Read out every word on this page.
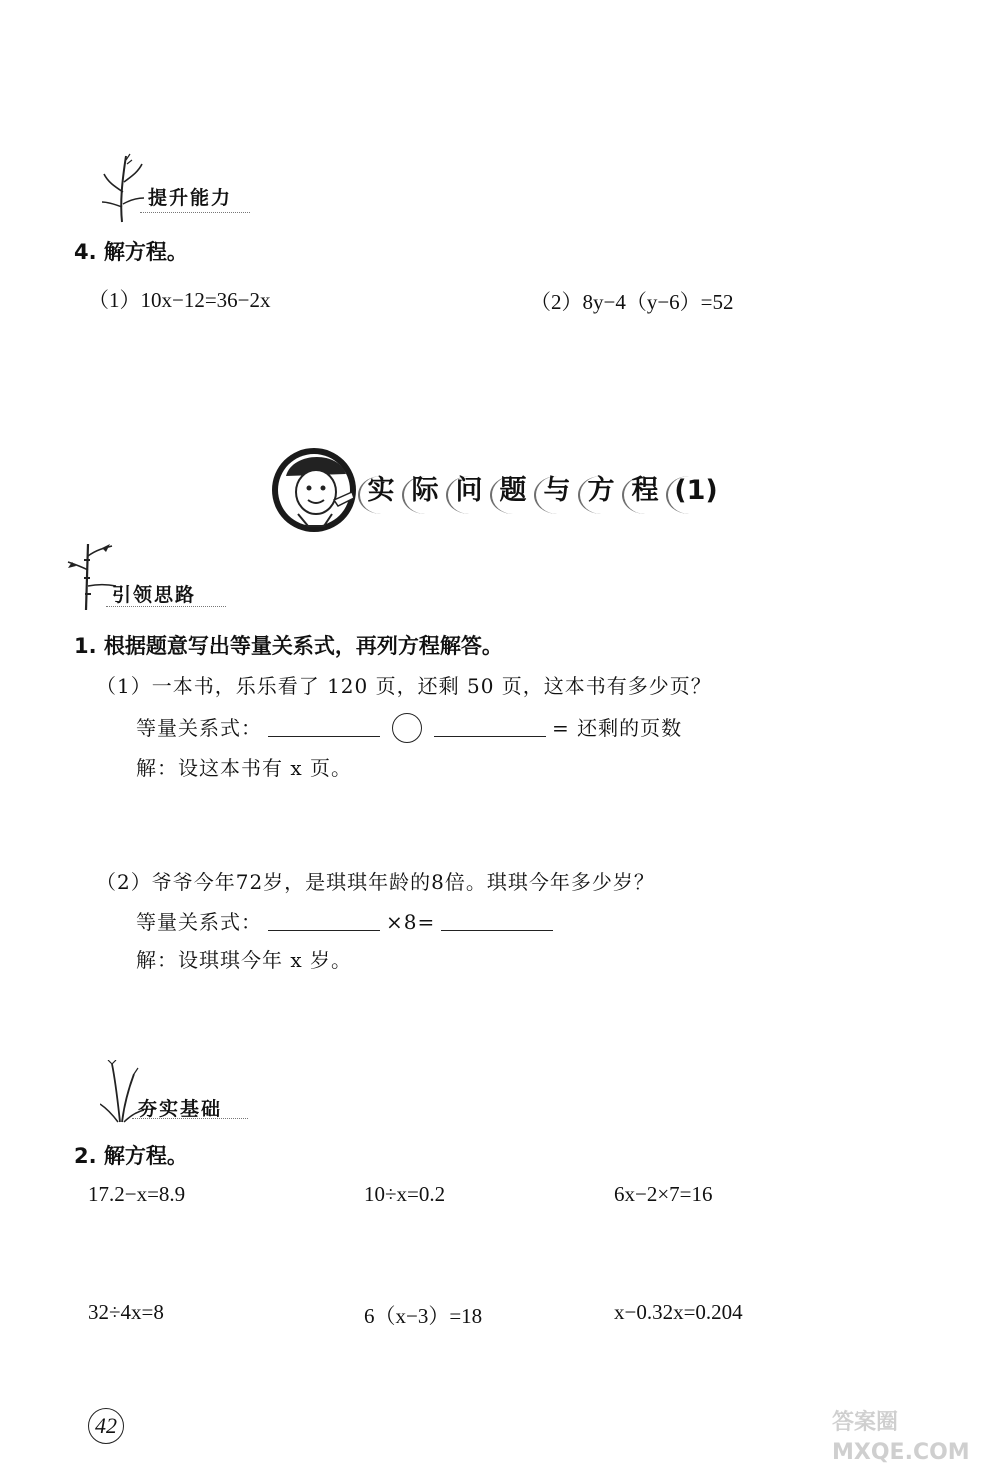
提升能力
4. 解方程。
（1）10x−12=36−2x	（2）8y−4（y−6）=52
实 际 问 题 与 方 程 (1)
引领思路
1. 根据题意写出等量关系式，再列方程解答。
（1）一本书，乐乐看了 120 页，还剩 50 页，这本书有多少页？
等量关系式：	= 还剩的页数
解：设这本书有 x 页。
（2）爷爷今年72岁，是琪琪年龄的8倍。琪琪今年多少岁？
等量关系式：	×8=
解：设琪琪今年 x 岁。
夯实基础
2. 解方程。
17.2−x=8.9	10÷x=0.2	6x−2×7=16
32÷4x=8	6（x−3）=18	x−0.32x=0.204
42	答案圈 MXQE.COM
